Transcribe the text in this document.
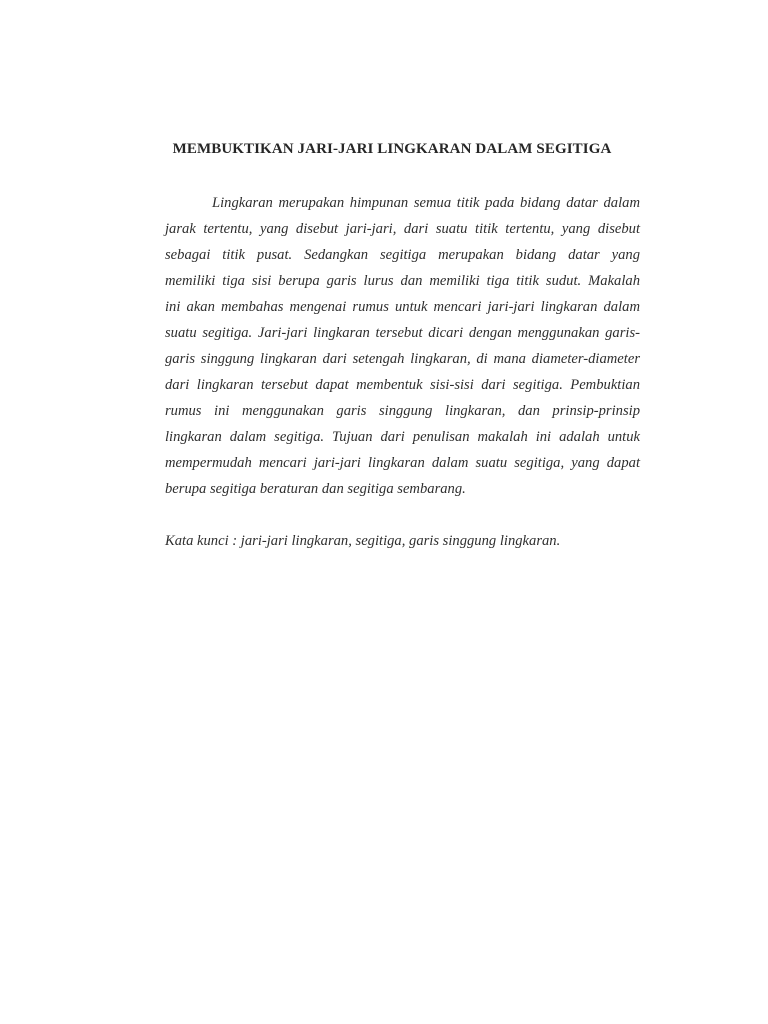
MEMBUKTIKAN JARI-JARI LINGKARAN DALAM SEGITIGA

Lingkaran merupakan himpunan semua titik pada bidang datar dalam
jarak tertentu, yang disebut jari-jari, dari suatu titik tertentu, yang disebut
sebagai titik pusat. Sedangkan segitiga merupakan bidang datar yang
memiliki tiga sisi berupa garis lurus dan memiliki tiga titik sudut. Makalah
ini akan membahas mengenai rumus untuk mencari jari-jari lingkaran dalam
suatu segitiga. Jari-jari lingkaran tersebut dicari dengan menggunakan garis-
garis singgung lingkaran dari setengah lingkaran, di mana diameter-diameter
dari lingkaran tersebut dapat membentuk sisi-sisi dari segitiga. Pembuktian
rumus ini menggunakan garis singgung lingkaran, dan prinsip-prinsip
lingkaran dalam segitiga. Tujuan dari penulisan makalah ini adalah untuk
mempermudah mencari jari-jari lingkaran dalam suatu segitiga, yang dapat
berupa segitiga beraturan dan segitiga sembarang.

Kata kunci : jari-jari lingkaran, segitiga, garis singgung lingkaran.
